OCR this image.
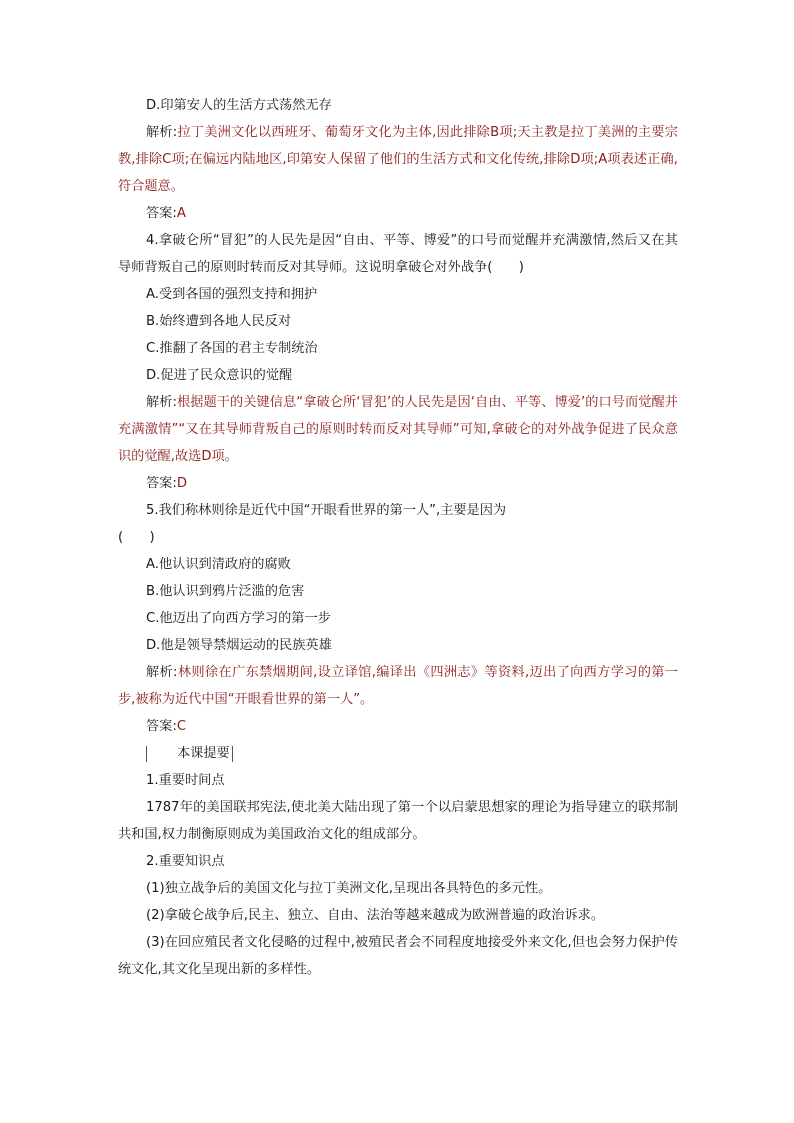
D.印第安人的生活方式荡然无存

解析:拉丁美洲文化以西班牙、葡萄牙文化为主体,因此排除B项;天主教是拉丁美洲的主要宗教,排除C项;在偏远内陆地区,印第安人保留了他们的生活方式和文化传统,排除D项;A项表述正确,符合题意。

答案:A

4.拿破仑所“冒犯”的人民先是因“自由、平等、博爱”的口号而觉醒并充满激情,然后又在其导师背叛自己的原则时转而反对其导师。这说明拿破仑对外战争(　　)

A.受到各国的强烈支持和拥护

B.始终遭到各地人民反对

C.推翻了各国的君主专制统治

D.促进了民众意识的觉醒

解析:根据题干的关键信息“拿破仑所‘冒犯’的人民先是因‘自由、平等、博爱’的口号而觉醒并充满激情”“又在其导师背叛自己的原则时转而反对其导师”可知,拿破仑的对外战争促进了民众意识的觉醒,故选D项。

答案:D

5.我们称林则徐是近代中国“开眼看世界的第一人”,主要是因为

(　　)

A.他认识到清政府的腐败

B.他认识到鸦片泛滥的危害

C.他迈出了向西方学习的第一步

D.他是领导禁烟运动的民族英雄

解析:林则徐在广东禁烟期间,设立译馆,编译出《四洲志》等资料,迈出了向西方学习的第一步,被称为近代中国“开眼看世界的第一人”。

答案:C

本课提要

1.重要时间点

1787年的美国联邦宪法,使北美大陆出现了第一个以启蒙思想家的理论为指导建立的联邦制共和国,权力制衡原则成为美国政治文化的组成部分。

2.重要知识点

(1)独立战争后的美国文化与拉丁美洲文化,呈现出各具特色的多元性。

(2)拿破仑战争后,民主、独立、自由、法治等越来越成为欧洲普遍的政治诉求。

(3)在回应殖民者文化侵略的过程中,被殖民者会不同程度地接受外来文化,但也会努力保护传统文化,其文化呈现出新的多样性。
